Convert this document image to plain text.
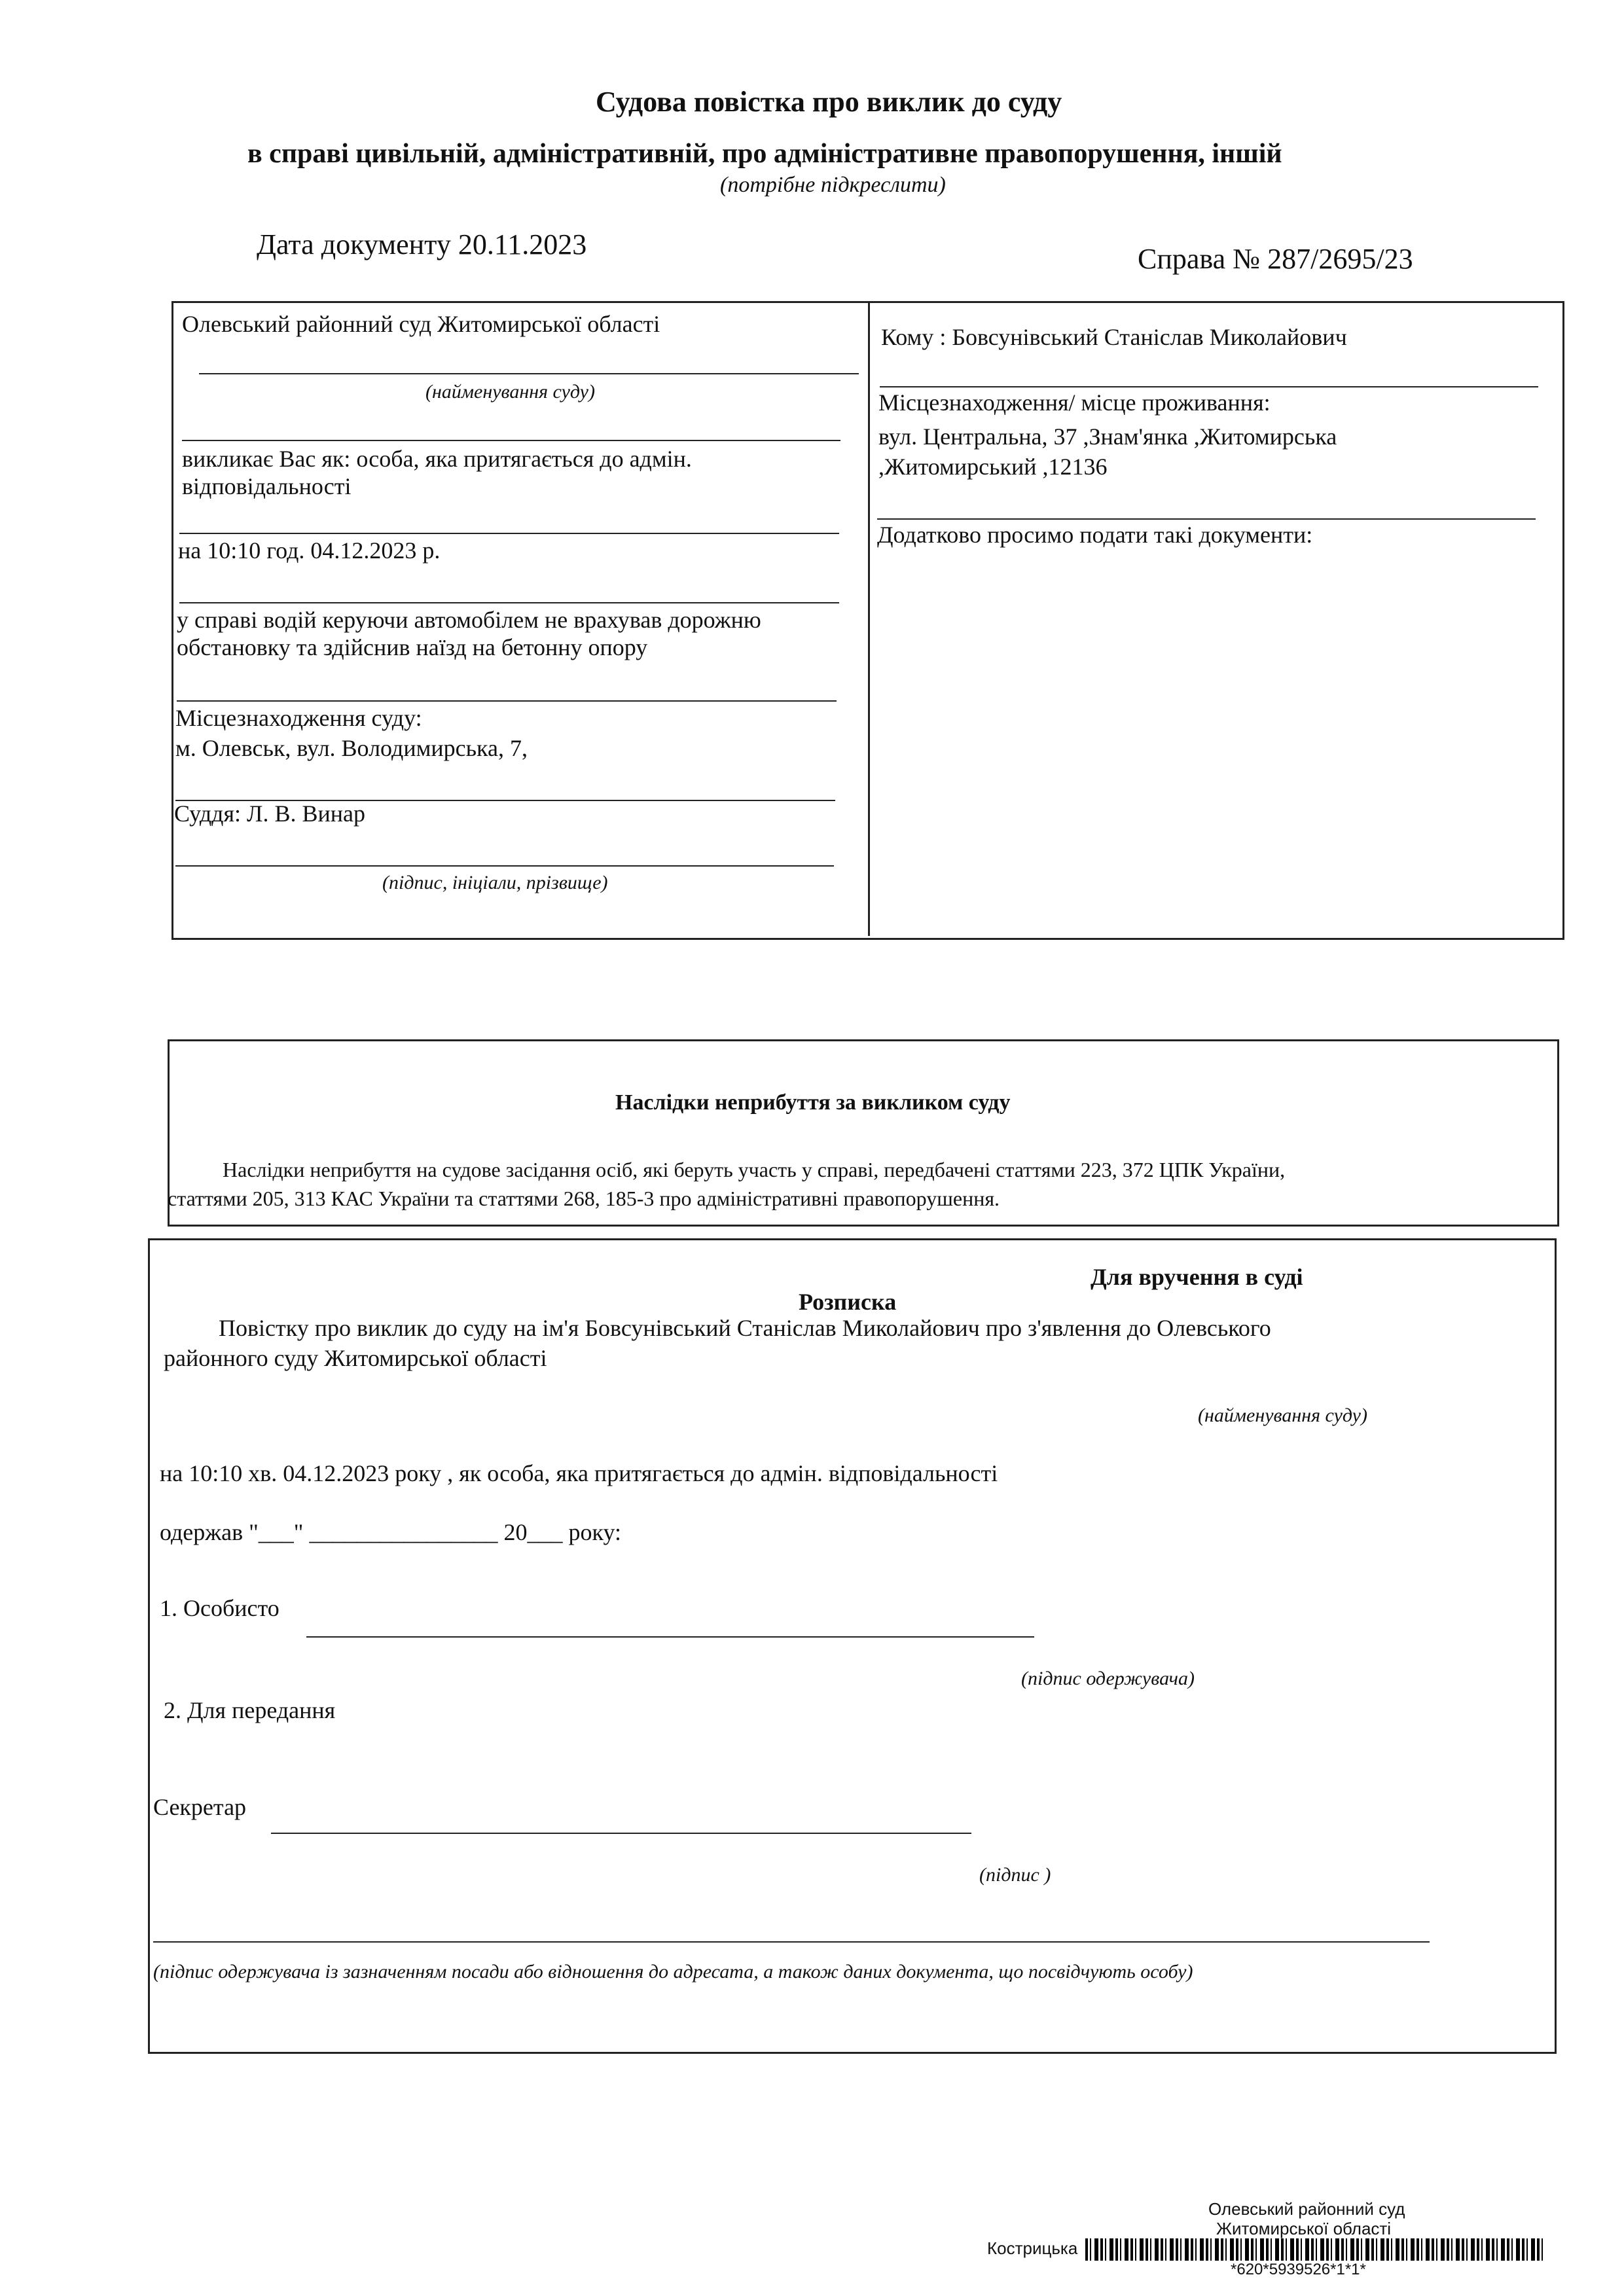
Судова повістка про виклик до суду
в справі цивільній, адміністративній, про адміністративне правопорушення, іншій
(потрібне підкреслити)
Дата документу 20.11.2023	Справа № 287/2695/23
Олевський районний суд Житомирської області
(найменування суду)
викликає Вас як: особа, яка притягається до адмін. відповідальності
на 10:10 год. 04.12.2023 р.
у справі водій керуючи автомобілем не врахував дорожню обстановку та здійснив наїзд на бетонну опору
Місцезнаходження суду:
м. Олевськ, вул. Володимирська, 7,
Суддя: Л. В. Винар
(підпис, ініціали, прізвище)
Кому : Бовсунівський Станіслав Миколайович
Місцезнаходження/ місце проживання:
вул. Центральна, 37 ,Знам'янка ,Житомирська
,Житомирський ,12136
Додатково просимо подати такі документи:
Наслідки неприбуття за викликом суду
Наслідки неприбуття на судове засідання осіб, які беруть участь у справі, передбачені статтями 223, 372 ЦПК України,
статтями 205, 313 КАС України та статтями 268, 185-3 про адміністративні правопорушення.
Для вручення в суді
Розписка
Повістку про виклик до суду на ім'я Бовсунівський Станіслав Миколайович про з'явлення до Олевського
районного суду Житомирської області
(найменування суду)
на 10:10 хв. 04.12.2023 року , як особа, яка притягається до адмін. відповідальності
одержав "___" ________________ 20___ року:
1. Особисто
(підпис одержувача)
2. Для передання
Секретар
(підпис )
(підпис одержувача із зазначенням посади або відношення до адресата, а також даних документа, що посвідчують особу)
Олевський районний суд
Житомирської області
Кострицька
*620*5939526*1*1*
